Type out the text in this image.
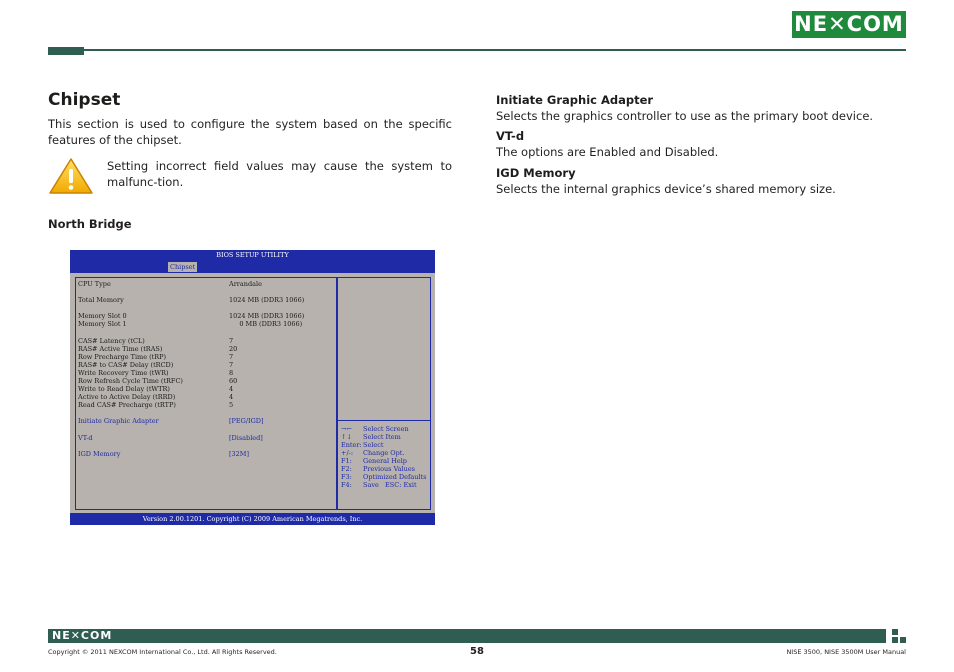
NE✕COM
Chipset

This section is used to configure the system based on the specific features of the chipset.

Setting incorrect field values may cause the system to malfunc-tion.

North Bridge
BIOS SETUP UTILITY
Chipset
CPU Type	Arrandale
Total Memory	1024 MB (DDR3 1066)
Memory Slot 0	1024 MB (DDR3 1066)
Memory Slot 1	0 MB (DDR3 1066)
CAS# Latency (tCL)	7
RAS# Active Time (tRAS)	20
Row Precharge Time (tRP)	7
RAS# to CAS# Delay (tRCD)	7
Write Recovery Time (tWR)	8
Row Refresh Cycle Time (tRFC)	60
Write to Read Delay (tWTR)	4
Active to Active Delay (tRRD)	4
Read CAS# Precharge (tRTP)	5
Initiate Graphic Adapter	[PEG/IGD]
VT-d	[Disabled]
IGD Memory	[32M]
→← Select Screen
↑↓ Select Item
Enter: Select
+/-: Change Opt.
F1: General Help
F2: Previous Values
F3: Optimized Defaults
F4: Save   ESC: Exit
Version 2.00.1201. Copyright (C) 2009 American Megatrends, Inc.
Initiate Graphic Adapter

Selects the graphics controller to use as the primary boot device.

VT-d

The options are Enabled and Disabled.

IGD Memory

Selects the internal graphics device’s shared memory size.

NE✕COM
Copyright © 2011 NEXCOM International Co., Ltd. All Rights Reserved.	58	NISE 3500, NISE 3500M User Manual
